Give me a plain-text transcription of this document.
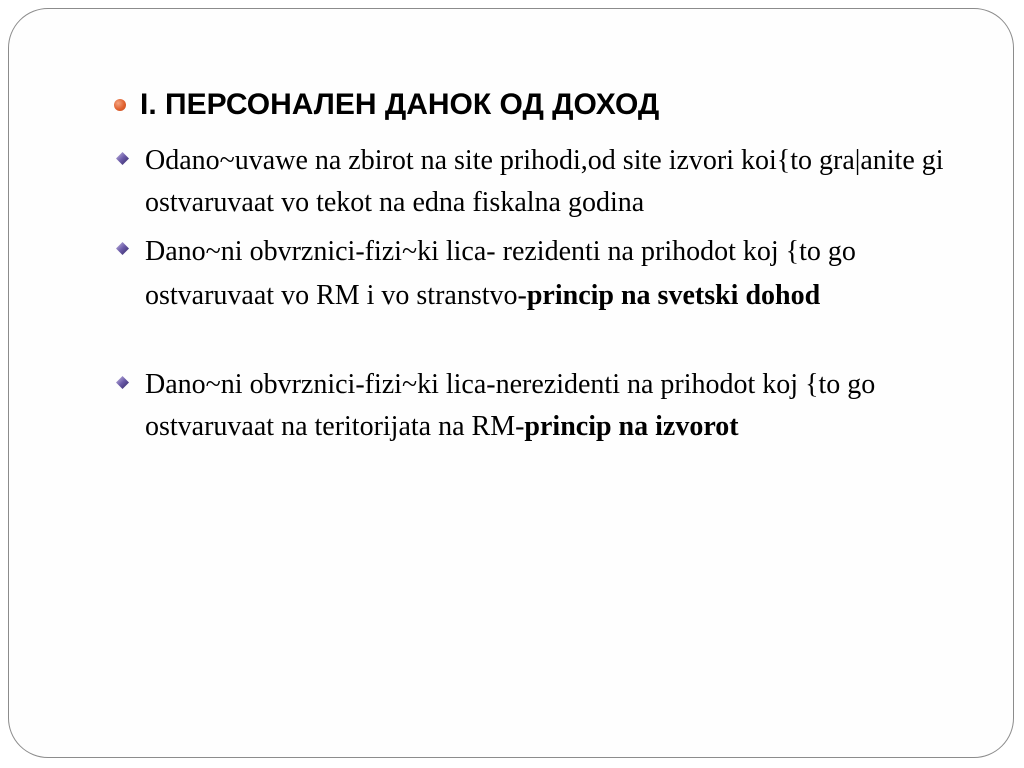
I. ПЕРСОНАЛЕН ДАНОК ОД ДОХОД
Odano~uvawe na zbirot na site prihodi,od site izvori koi{to gra|anite gi ostvaruvaat vo tekot na edna fiskalna godina
Dano~ni obvrznici-fizi~ki lica- rezidenti na prihodot koj {to go ostvaruvaat vo RM i vo stranstvo-princip na svetski dohod
Dano~ni obvrznici-fizi~ki lica-nerezidenti na prihodot koj {to go ostvaruvaat na teritorijata na RM-princip na izvorot
